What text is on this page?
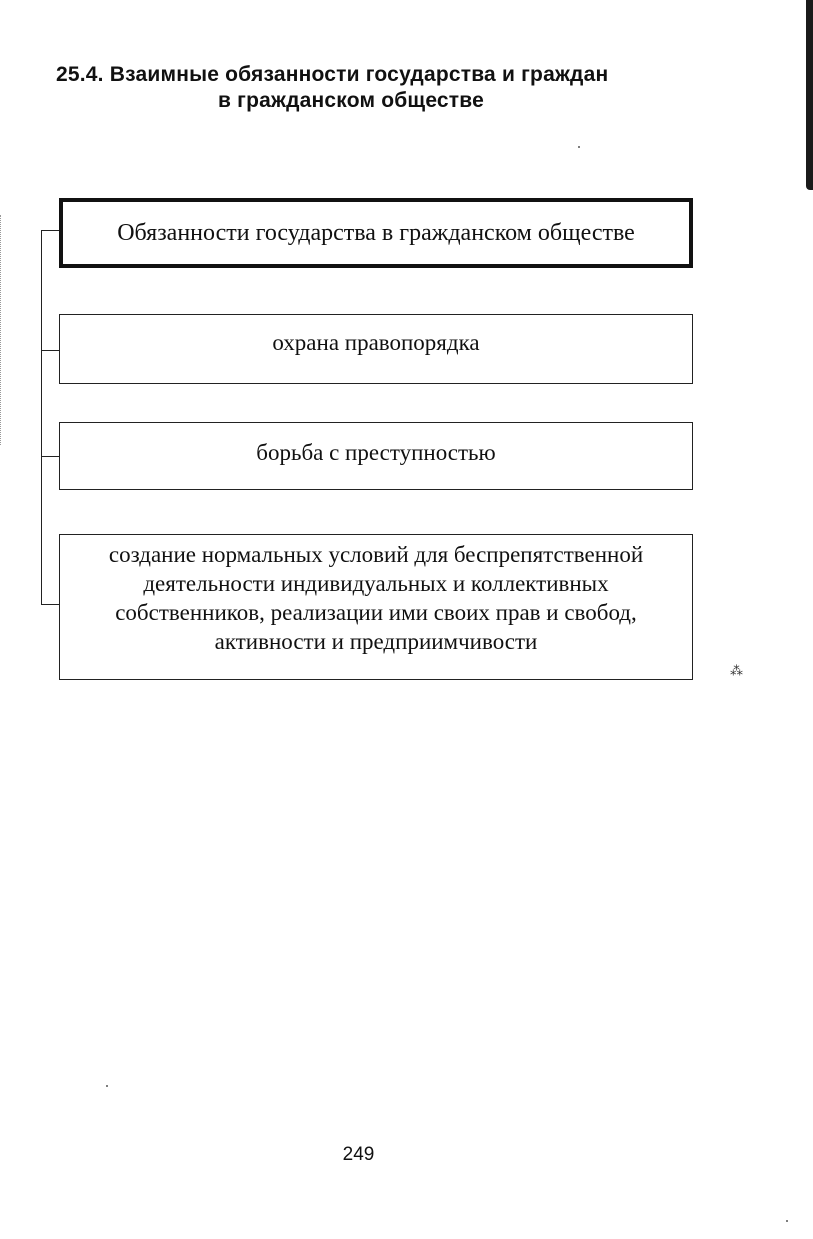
25.4. Взаимные обязанности государства и граждан
в гражданском обществе
Обязанности государства в гражданском обществе
охрана правопорядка
борьба с преступностью
создание нормальных условий для беспрепятственной деятельности индивидуальных и коллективных собственников, реализации ими своих прав и свобод, активности и предприимчивости
⁂
249
